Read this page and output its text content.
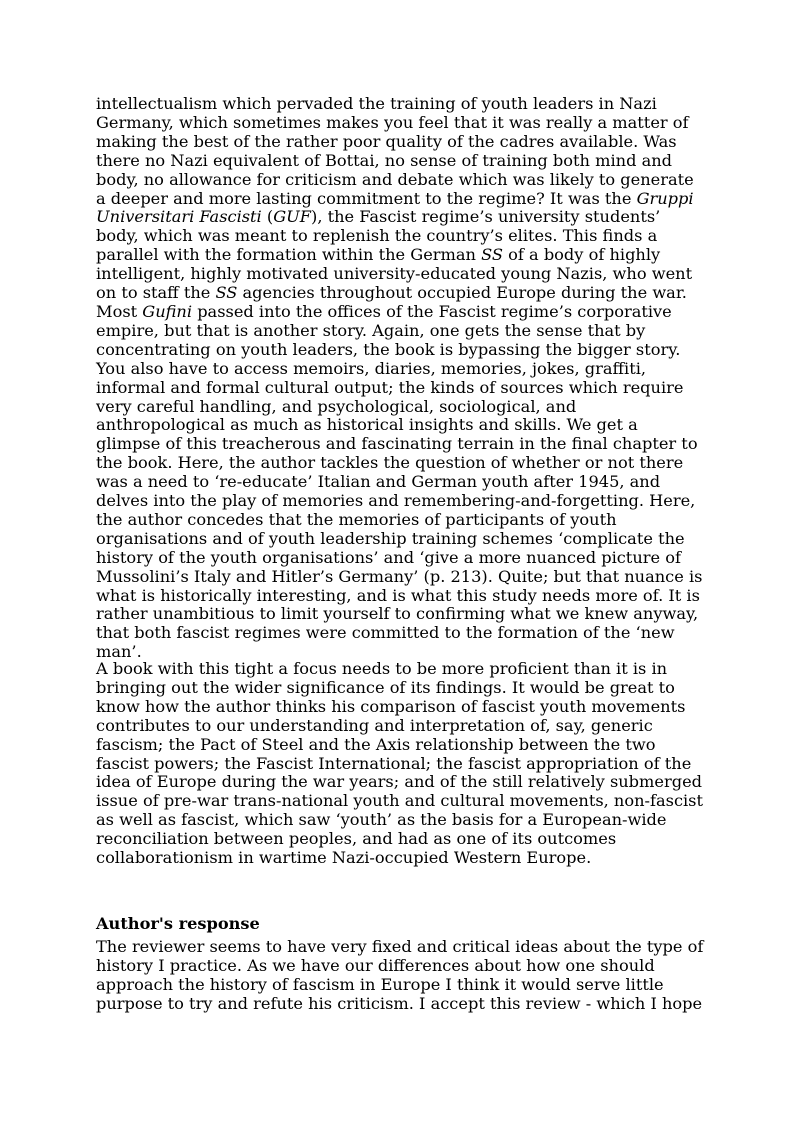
intellectualism which pervaded the training of youth leaders in Nazi
Germany, which sometimes makes you feel that it was really a matter of
making the best of the rather poor quality of the cadres available. Was
there no Nazi equivalent of Bottai, no sense of training both mind and
body, no allowance for criticism and debate which was likely to generate
a deeper and more lasting commitment to the regime? It was the Gruppi
Universitari Fascisti (GUF), the Fascist regime’s university students’
body, which was meant to replenish the country’s elites. This finds a
parallel with the formation within the German SS of a body of highly
intelligent, highly motivated university-educated young Nazis, who went
on to staff the SS agencies throughout occupied Europe during the war.
Most Gufini passed into the offices of the Fascist regime’s corporative
empire, but that is another story. Again, one gets the sense that by
concentrating on youth leaders, the book is bypassing the bigger story.
You also have to access memoirs, diaries, memories, jokes, graffiti,
informal and formal cultural output; the kinds of sources which require
very careful handling, and psychological, sociological, and
anthropological as much as historical insights and skills. We get a
glimpse of this treacherous and fascinating terrain in the final chapter to
the book. Here, the author tackles the question of whether or not there
was a need to ‘re-educate’ Italian and German youth after 1945, and
delves into the play of memories and remembering-and-forgetting. Here,
the author concedes that the memories of participants of youth
organisations and of youth leadership training schemes ‘complicate the
history of the youth organisations’ and ‘give a more nuanced picture of
Mussolini’s Italy and Hitler’s Germany’ (p. 213). Quite; but that nuance is
what is historically interesting, and is what this study needs more of. It is
rather unambitious to limit yourself to confirming what we knew anyway,
that both fascist regimes were committed to the formation of the ‘new
man’.
A book with this tight a focus needs to be more proficient than it is in
bringing out the wider significance of its findings. It would be great to
know how the author thinks his comparison of fascist youth movements
contributes to our understanding and interpretation of, say, generic
fascism; the Pact of Steel and the Axis relationship between the two
fascist powers; the Fascist International; the fascist appropriation of the
idea of Europe during the war years; and of the still relatively submerged
issue of pre-war trans-national youth and cultural movements, non-fascist
as well as fascist, which saw ‘youth’ as the basis for a European-wide
reconciliation between peoples, and had as one of its outcomes
collaborationism in wartime Nazi-occupied Western Europe.
Author's response
The reviewer seems to have very fixed and critical ideas about the type of
history I practice. As we have our differences about how one should
approach the history of fascism in Europe I think it would serve little
purpose to try and refute his criticism. I accept this review - which I hope
